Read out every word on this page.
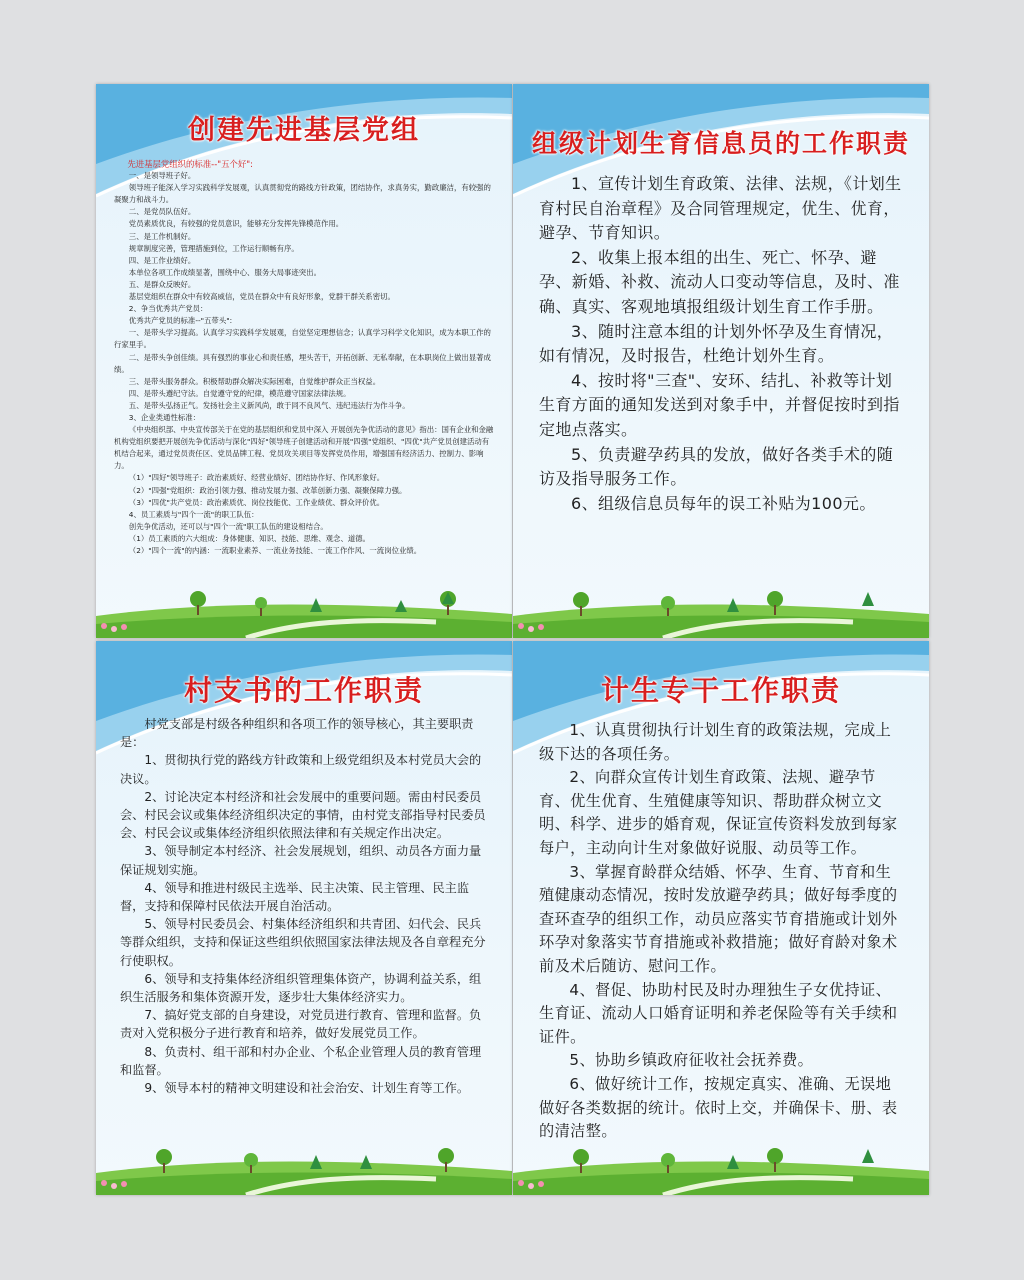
创建先进基层党组

先进基层党组织的标准--"五个好":

一、是领导班子好。

领导班子能深入学习实践科学发展观，认真贯彻党的路线方针政策，团结协作，求真务实，勤政廉洁，有较强的凝聚力和战斗力。

二、是党员队伍好。

党员素质优良，有较强的党员意识，能够充分发挥先锋模范作用。

三、是工作机制好。

规章制度完善，管理措施到位，工作运行顺畅有序。

四、是工作业绩好。

本单位各项工作成绩显著，围绕中心、服务大局事迹突出。

五、是群众反映好。

基层党组织在群众中有较高威信，党员在群众中有良好形象，党群干群关系密切。

2、争当优秀共产党员：

优秀共产党员的标准--"五带头":

一、是带头学习提高。认真学习实践科学发展观，自觉坚定理想信念；认真学习科学文化知识，成为本职工作的行家里手。

二、是带头争创佳绩。具有强烈的事业心和责任感，埋头苦干，开拓创新、无私奉献，在本职岗位上做出显著成绩。

三、是带头服务群众。积极帮助群众解决实际困难，自觉维护群众正当权益。

四、是带头遵纪守法。自觉遵守党的纪律，模范遵守国家法律法规。

五、是带头弘扬正气。发扬社会主义新风尚，敢于同不良风气、违纪违法行为作斗争。

3、企业类通性标准：

《中央组织部、中央宣传部关于在党的基层组织和党员中深入 开展创先争优活动的意见》指出：国有企业和金融机构党组织要把开展创先争优活动与深化"四好"领导班子创建活动和开展"四强"党组织、"四优"共产党员创建活动有机结合起来，通过党员责任区、党员品牌工程、党员攻关项目等发挥党员作用，增强国有经济活力、控制力、影响力。

（1）"四好"领导班子：政治素质好、经营业绩好、团结协作好、作风形象好。

（2）"四强"党组织：政治引领力强、推动发展力强、改革创新力强、凝聚保障力强。

（3）"四优"共产党员：政治素质优、岗位技能优、工作业绩优、群众评价优。

4、员工素质与"四个一流"的职工队伍：

创先争优活动，还可以与"四个一流"职工队伍的建设相结合。

（1）员工素质的六大组成：身体健康、知识、技能、思维、观念、道德。

（2）"四个一流"的内涵：一流职业素养、一流业务技能、一流工作作风、一流岗位业绩。

组级计划生育信息员的工作职责

1、宣传计划生育政策、法律、法规，《计划生育村民自治章程》及合同管理规定，优生、优育，避孕、节育知识。

2、收集上报本组的出生、死亡、怀孕、避孕、新婚、补救、流动人口变动等信息，及时、准确、真实、客观地填报组级计划生育工作手册。

3、随时注意本组的计划外怀孕及生育情况，如有情况，及时报告，杜绝计划外生育。

4、按时将"三查"、安环、结扎、补救等计划生育方面的通知发送到对象手中，并督促按时到指定地点落实。

5、负责避孕药具的发放，做好各类手术的随访及指导服务工作。

6、组级信息员每年的误工补贴为100元。

村支书的工作职责

村党支部是村级各种组织和各项工作的领导核心，其主要职责是：

1、贯彻执行党的路线方针政策和上级党组织及本村党员大会的决议。

2、讨论决定本村经济和社会发展中的重要问题。需由村民委员会、村民会议或集体经济组织决定的事情，由村党支部指导村民委员会、村民会议或集体经济组织依照法律和有关规定作出决定。

3、领导制定本村经济、社会发展规划，组织、动员各方面力量保证规划实施。

4、领导和推进村级民主选举、民主决策、民主管理、民主监督，支持和保障村民依法开展自治活动。

5、领导村民委员会、村集体经济组织和共青团、妇代会、民兵等群众组织，支持和保证这些组织依照国家法律法规及各自章程充分行使职权。

6、领导和支持集体经济组织管理集体资产，协调利益关系，组织生活服务和集体资源开发，逐步壮大集体经济实力。

7、搞好党支部的自身建设，对党员进行教育、管理和监督。负责对入党积极分子进行教育和培养，做好发展党员工作。

8、负责村、组干部和村办企业、个私企业管理人员的教育管理和监督。

9、领导本村的精神文明建设和社会治安、计划生育等工作。

计生专干工作职责

1、认真贯彻执行计划生育的政策法规，完成上级下达的各项任务。

2、向群众宣传计划生育政策、法规、避孕节育、优生优育、生殖健康等知识、帮助群众树立文明、科学、进步的婚育观，保证宣传资料发放到每家每户，主动向计生对象做好说服、动员等工作。

3、掌握育龄群众结婚、怀孕、生育、节育和生殖健康动态情况，按时发放避孕药具；做好每季度的查环查孕的组织工作，动员应落实节育措施或计划外环孕对象落实节育措施或补救措施；做好育龄对象术前及术后随访、慰问工作。

4、督促、协助村民及时办理独生子女优持证、生育证、流动人口婚育证明和养老保险等有关手续和证件。

5、协助乡镇政府征收社会抚养费。

6、做好统计工作，按规定真实、准确、无误地做好各类数据的统计。依时上交，并确保卡、册、表的清洁整。
